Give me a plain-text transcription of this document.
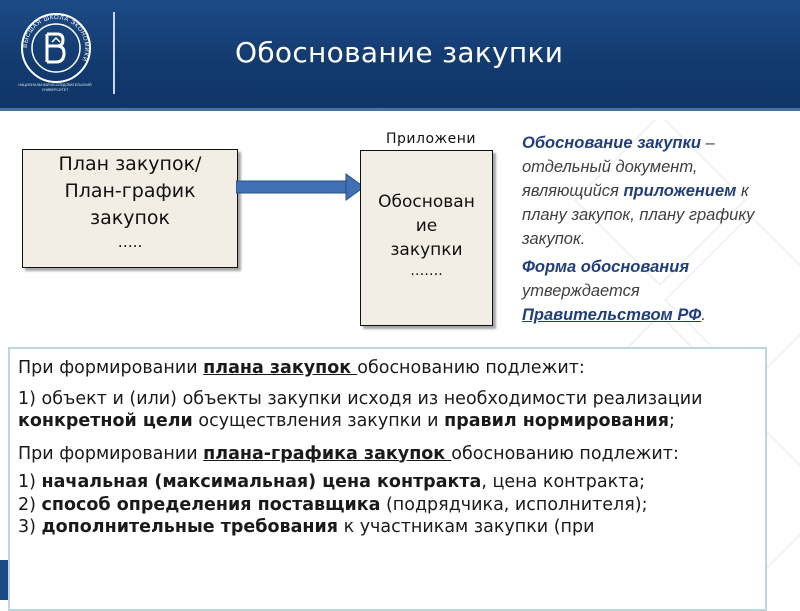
ВЫСШАЯ ШКОЛА ЭКОНОМИКИ
НАЦИОНАЛЬНЫЙ ИССЛЕДОВАТЕЛЬСКИЙ УНИВЕРСИТЕТ
Обоснование закупки
План закупок/
План-график
закупок
…..
Приложени
Обоснован
ие
закупки
…….

Обоснование закупки – отдельный документ, являющийся приложением к плану закупок, плану графику закупок.

Форма обоснования утверждается Правительством РФ.

При формировании плана закупок обоснованию подлежит:

1) объект и (или) объекты закупки исходя из необходимости реализации конкретной цели осуществления закупки и правил нормирования;

При формировании плана-графика закупок обоснованию подлежит:

1) начальная (максимальная) цена контракта, цена контракта;
2) способ определения поставщика (подрядчика, исполнителя);
3) дополнительные требования к участникам закупки (при
